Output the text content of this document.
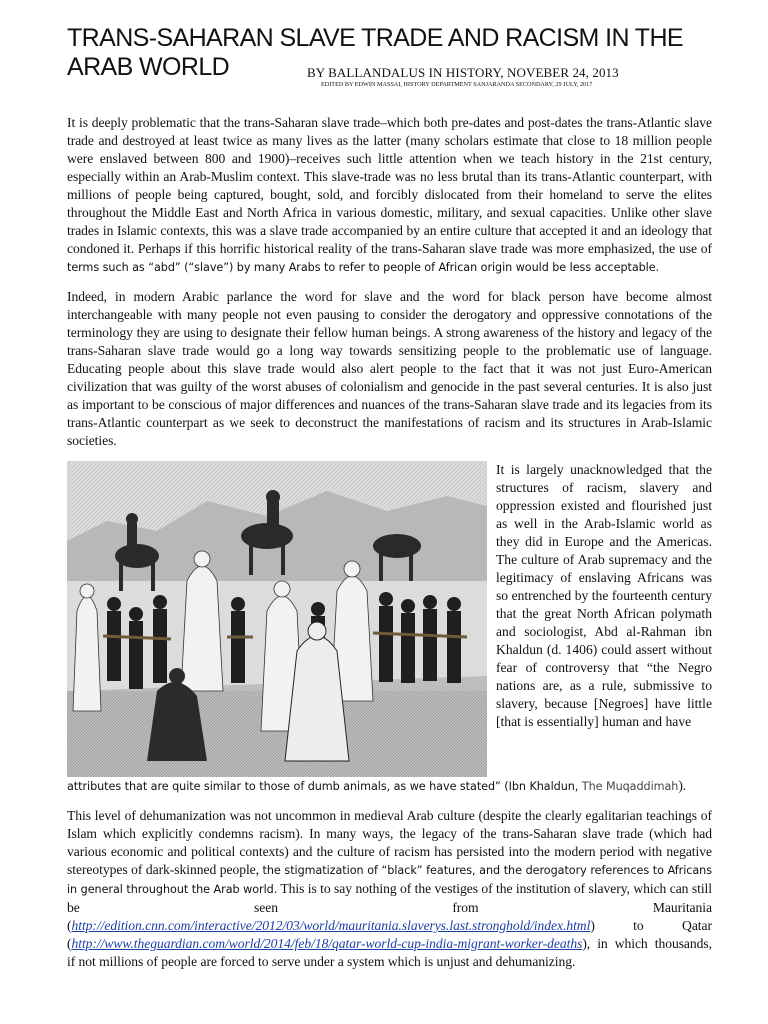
TRANS-SAHARAN SLAVE TRADE AND RACISM IN THE
ARAB WORLD	BY BALLANDALUS IN HISTORY, NOVEBER 24, 2013
EDITED BY EDWIN MASSAI, HISTORY DEPARTMENT SANJARANDA SECONDARY, 29 JULY, 2017

It is deeply problematic that the trans-Saharan slave trade–which both pre-dates and post-dates the trans-Atlantic slave trade and destroyed at least twice as many lives as the latter (many scholars estimate that close to 18 million people were enslaved between 800 and 1900)–receives such little attention when we teach history in the 21st century, especially within an Arab-Muslim context. This slave-trade was no less brutal than its trans-Atlantic counterpart, with millions of people being captured, bought, sold, and forcibly dislocated from their homeland to serve the elites throughout the Middle East and North Africa in various domestic, military, and sexual capacities. Unlike other slave trades in Islamic contexts, this was a slave trade accompanied by an entire culture that accepted it and an ideology that condoned it. Perhaps if this horrific historical reality of the trans-Saharan slave trade was more emphasized, the use of terms such as “abd” (“slave”) by many Arabs to refer to people of African origin would be less acceptable.

Indeed, in modern Arabic parlance the word for slave and the word for black person have become almost interchangeable with many people not even pausing to consider the derogatory and oppressive connotations of the terminology they are using to designate their fellow human beings. A strong awareness of the history and legacy of the trans-Saharan slave trade would go a long way towards sensitizing people to the problematic use of language. Educating people about this slave trade would also alert people to the fact that it was not just Euro-American civilization that was guilty of the worst abuses of colonialism and genocide in the past several centuries. It is also just as important to be conscious of major differences and nuances of the trans-Saharan slave trade and its legacies from its trans-Atlantic counterpart as we seek to deconstruct the manifestations of racism and its structures in Arab-Islamic societies.

It is largely unacknowledged that the structures of racism, slavery and oppression existed and flourished just as well in the Arab-Islamic world as they did in Europe and the Americas. The culture of Arab supremacy and the legitimacy of enslaving Africans was so entrenched by the fourteenth century that the great North African polymath and sociologist, Abd al-Rahman ibn Khaldun (d. 1406) could assert without fear of controversy that “the Negro nations are, as a rule, submissive to slavery, because [Negroes] have little [that is essentially] human and have

attributes that are quite similar to those of dumb animals, as we have stated” (Ibn Khaldun, The Muqaddimah).

This level of dehumanization was not uncommon in medieval Arab culture (despite the clearly egalitarian teachings of Islam which explicitly condemns racism). In many ways, the legacy of the trans-Saharan slave trade (which had various economic and political contexts) and the culture of racism has persisted into the modern period with negative stereotypes of dark-skinned people, the stigmatization of “black” features, and the derogatory references to Africans in general throughout the Arab world. This is to say nothing of the vestiges of the institution of slavery, which can still be seen from Mauritania (http://edition.cnn.com/interactive/2012/03/world/mauritania.slaverys.last.stronghold/index.html) to Qatar (http://www.theguardian.com/world/2014/feb/18/qatar-world-cup-india-migrant-worker-deaths), in which thousands, if not millions of people are forced to serve under a system which is unjust and dehumanizing.
